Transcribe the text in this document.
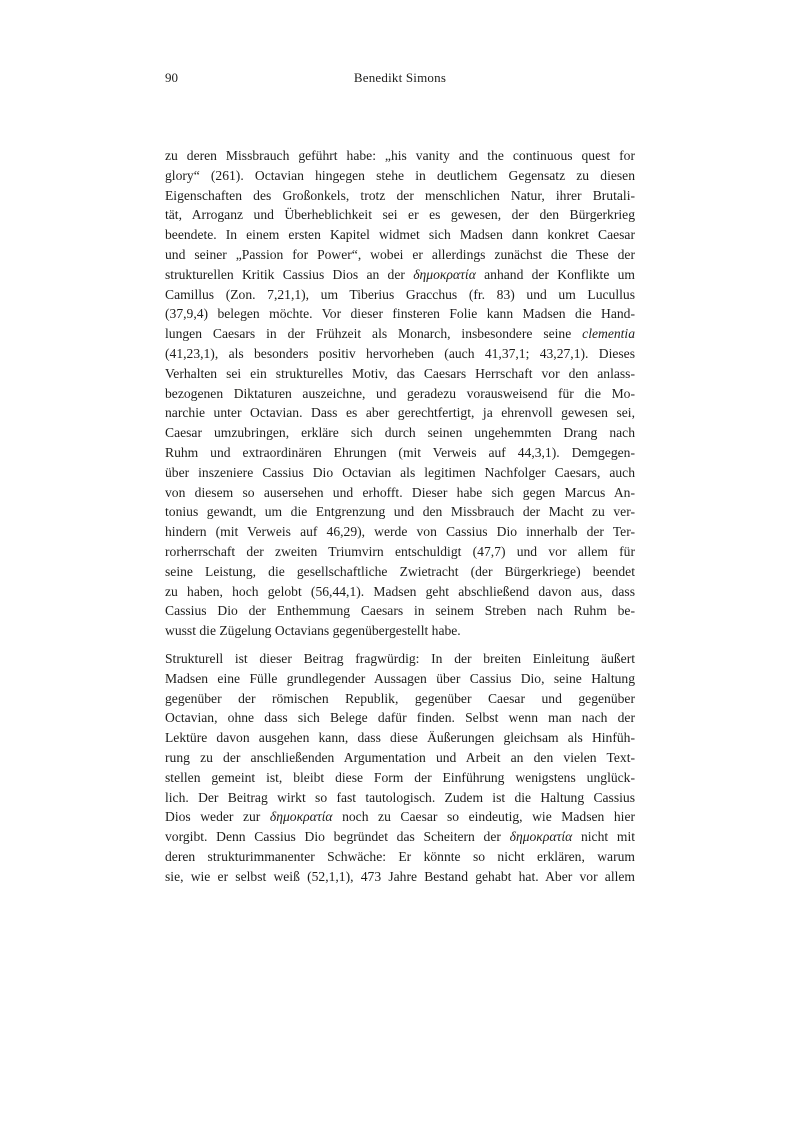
90	Benedikt Simons
zu deren Missbrauch geführt habe: „his vanity and the continuous quest for
glory“ (261). Octavian hingegen stehe in deutlichem Gegensatz zu diesen
Eigenschaften des Großonkels, trotz der menschlichen Natur, ihrer Brutali-
tät, Arroganz und Überheblichkeit sei er es gewesen, der den Bürgerkrieg
beendete. In einem ersten Kapitel widmet sich Madsen dann konkret Caesar
und seiner „Passion for Power“, wobei er allerdings zunächst die These der
strukturellen Kritik Cassius Dios an der δημοκρατία anhand der Konflikte um
Camillus (Zon. 7,21,1), um Tiberius Gracchus (fr. 83) und um Lucullus
(37,9,4) belegen möchte. Vor dieser finsteren Folie kann Madsen die Hand-
lungen Caesars in der Frühzeit als Monarch, insbesondere seine clementia
(41,23,1), als besonders positiv hervorheben (auch 41,37,1; 43,27,1). Dieses
Verhalten sei ein strukturelles Motiv, das Caesars Herrschaft vor den anlass-
bezogenen Diktaturen auszeichne, und geradezu vorausweisend für die Mo-
narchie unter Octavian. Dass es aber gerechtfertigt, ja ehrenvoll gewesen sei,
Caesar umzubringen, erkläre sich durch seinen ungehemmten Drang nach
Ruhm und extraordinären Ehrungen (mit Verweis auf 44,3,1). Demgegen-
über inszeniere Cassius Dio Octavian als legitimen Nachfolger Caesars, auch
von diesem so ausersehen und erhofft. Dieser habe sich gegen Marcus An-
tonius gewandt, um die Entgrenzung und den Missbrauch der Macht zu ver-
hindern (mit Verweis auf 46,29), werde von Cassius Dio innerhalb der Ter-
rorherrschaft der zweiten Triumvirn entschuldigt (47,7) und vor allem für
seine Leistung, die gesellschaftliche Zwietracht (der Bürgerkriege) beendet
zu haben, hoch gelobt (56,44,1). Madsen geht abschließend davon aus, dass
Cassius Dio der Enthemmung Caesars in seinem Streben nach Ruhm be-
wusst die Zügelung Octavians gegenübergestellt habe.
Strukturell ist dieser Beitrag fragwürdig: In der breiten Einleitung äußert
Madsen eine Fülle grundlegender Aussagen über Cassius Dio, seine Haltung
gegenüber der römischen Republik, gegenüber Caesar und gegenüber
Octavian, ohne dass sich Belege dafür finden. Selbst wenn man nach der
Lektüre davon ausgehen kann, dass diese Äußerungen gleichsam als Hinfüh-
rung zu der anschließenden Argumentation und Arbeit an den vielen Text-
stellen gemeint ist, bleibt diese Form der Einführung wenigstens unglück-
lich. Der Beitrag wirkt so fast tautologisch. Zudem ist die Haltung Cassius
Dios weder zur δημοκρατία noch zu Caesar so eindeutig, wie Madsen hier
vorgibt. Denn Cassius Dio begründet das Scheitern der δημοκρατία nicht mit
deren strukturimmanenter Schwäche: Er könnte so nicht erklären, warum
sie, wie er selbst weiß (52,1,1), 473 Jahre Bestand gehabt hat. Aber vor allem
